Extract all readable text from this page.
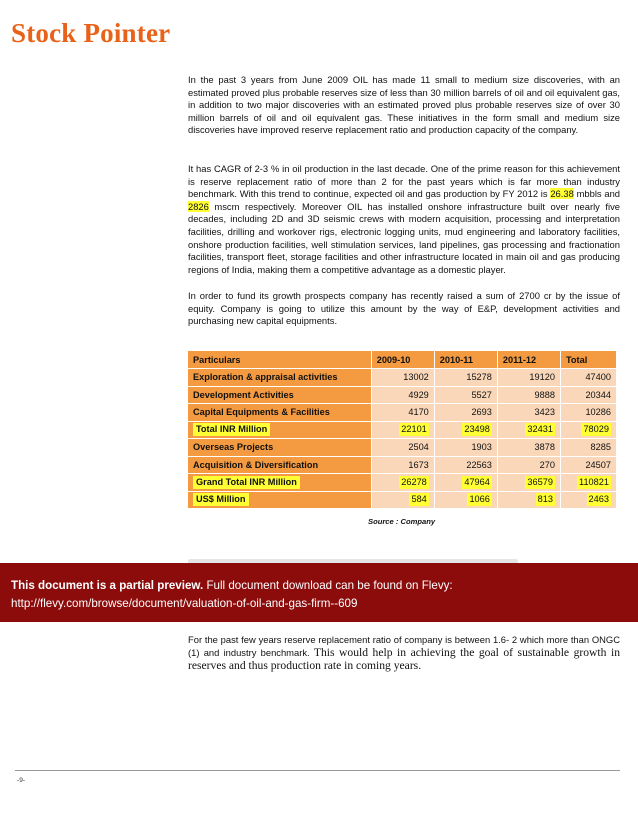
Stock Pointer

In the past 3 years from June 2009 OIL has made 11 small to medium size discoveries, with an estimated proved plus probable reserves size of less than 30 million barrels of oil and oil equivalent gas, in addition to two major discoveries with an estimated proved plus probable reserves size of over 30 million barrels of oil and oil equivalent gas. These initiatives in the form small and medium size discoveries have improved reserve replacement ratio and production capacity of the company.

It has CAGR of 2-3 % in oil production in the last decade. One of the prime reason for this achievement is reserve replacement ratio of more than 2 for the past years which is far more than industry benchmark. With this trend to continue, expected oil and gas production by FY 2012 is 26.38 mbbls and 2826 mscm respectively. Moreover OIL has installed onshore infrastructure built over nearly five decades, including 2D and 3D seismic crews with modern acquisition, processing and interpretation facilities, drilling and workover rigs, electronic logging units, mud engineering and laboratory facilities, onshore production facilities, well stimulation services, land pipelines, gas processing and fractionation facilities, transport fleet, storage facilities and other infrastructure located in main oil and gas producing regions of India, making them a competitive advantage as a domestic player.

In order to fund its growth prospects company has recently raised a sum of 2700 cr by the issue of equity. Company is going to utilize this amount by the way of E&P, development activities and purchasing new capital equipments.

Particulars	2009-10	2010-11	2011-12	Total
Exploration & appraisal activities	13002	15278	19120	47400
Development Activities	4929	5527	9888	20344
Capital Equipments & Facilities	4170	2693	3423	10286
Total INR Million	22101	23498	32431	78029
Overseas Projects	2504	1903	3878	8285
Acquisition & Diversification	1673	22563	270	24507
Grand Total INR Million	26278	47964	36579	110821
US$ Million	584	1066	813	2463
Source : Company
This document is a partial preview. Full document download can be found on Flevy:
http://flevy.com/browse/document/valuation-of-oil-and-gas-firm--609

For the past few years reserve replacement ratio of company is between 1.6- 2 which more than ONGC (1) and industry benchmark. This would help in achieving the goal of sustainable growth in reserves and thus production rate in coming years.

-9-
